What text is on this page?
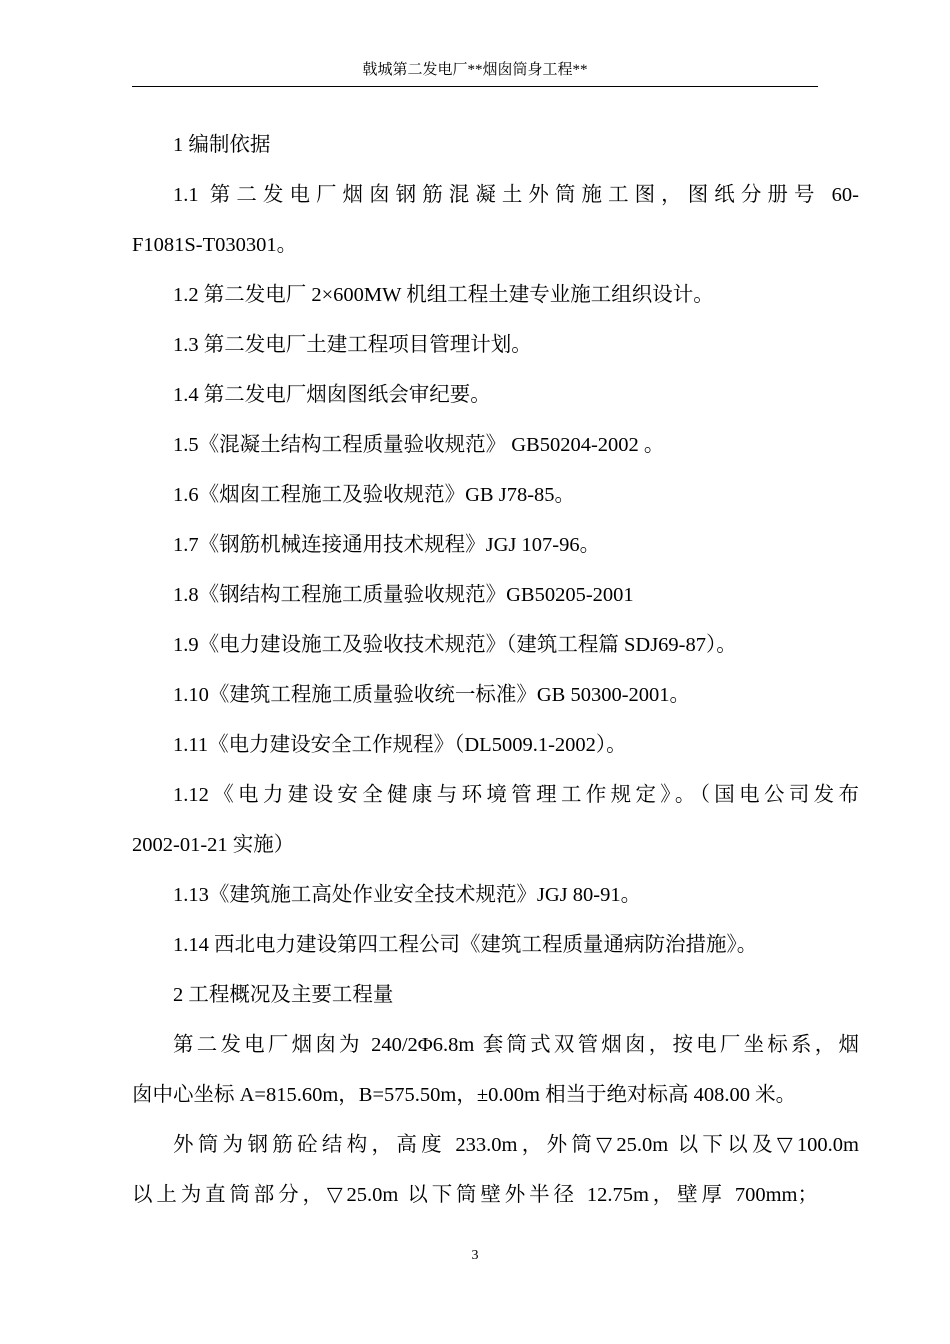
戟城第二发电厂**烟囱筒身工程**
1 编制依据
1.1 第二发电厂烟囱钢筋混凝土外筒施工图，图纸分册号 60-
F1081S-T030301。
1.2 第二发电厂 2×600MW 机组工程土建专业施工组织设计。
1.3 第二发电厂土建工程项目管理计划。
1.4 第二发电厂烟囱图纸会审纪要。
1.5《混凝土结构工程质量验收规范》 GB50204-2002 。
1.6《烟囱工程施工及验收规范》GB J78-85。
1.7《钢筋机械连接通用技术规程》JGJ 107-96。
1.8《钢结构工程施工质量验收规范》GB50205-2001
1.9《电力建设施工及验收技术规范》（建筑工程篇 SDJ69-87）。
1.10《建筑工程施工质量验收统一标准》GB 50300-2001。
1.11《电力建设安全工作规程》（DL5009.1-2002）。
1.12《电力建设安全健康与环境管理工作规定》。（国电公司发布
2002-01-21 实施）
1.13《建筑施工高处作业安全技术规范》JGJ 80-91。
1.14 西北电力建设第四工程公司《建筑工程质量通病防治措施》。
2 工程概况及主要工程量
第二发电厂烟囱为 240/2Φ6.8m 套筒式双管烟囱，按电厂坐标系，烟
囱中心坐标 A=815.60m，B=575.50m，±0.00m 相当于绝对标高 408.00 米。
外筒为钢筋砼结构，高度 233.0m，外筒▽25.0m 以下以及▽100.0m
以上为直筒部分，▽25.0m 以下筒壁外半径 12.75m，壁厚 700mm；
3
